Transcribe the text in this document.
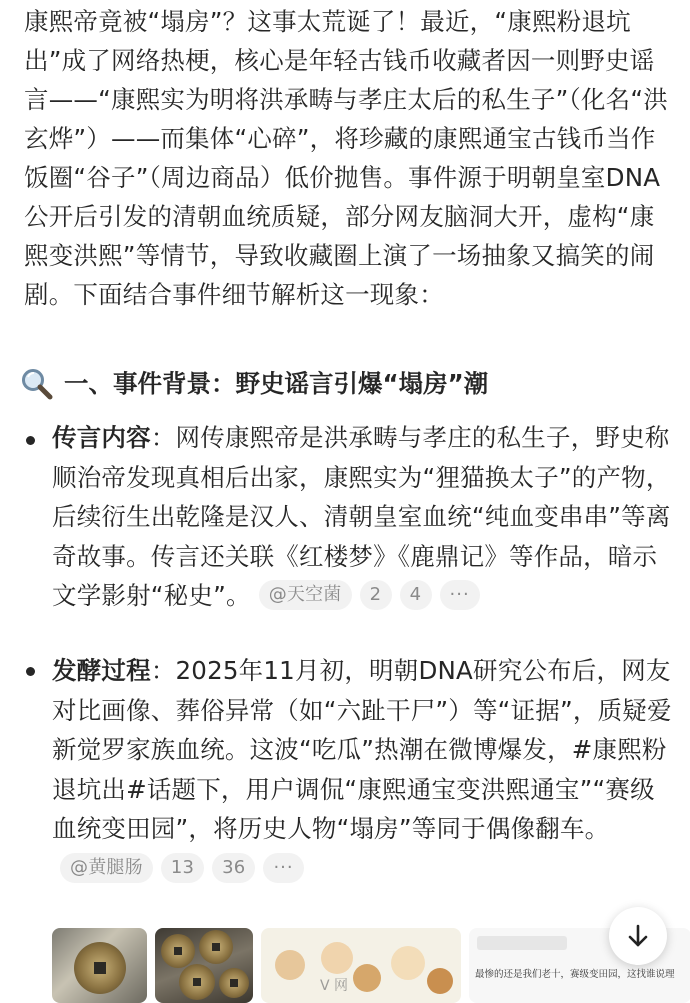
康熙帝竟被“塌房”？这事太荒诞了！最近，“康熙粉退坑出”成了网络热梗，核心是年轻古钱币收藏者因一则野史谣言——“康熙实为明将洪承畴与孝庄太后的私生子”（化名“洪玄烨”）——而集体“心碎”，将珍藏的康熙通宝古钱币当作饭圈“谷子”（周边商品）低价抛售。事件源于明朝皇室DNA公开后引发的清朝血统质疑，部分网友脑洞大开，虚构“康熙变洪熙”等情节，导致收藏圈上演了一场抽象又搞笑的闹剧。下面结合事件细节解析这一现象：
一、事件背景：野史谣言引爆“塌房”潮
传言内容：网传康熙帝是洪承畴与孝庄的私生子，野史称顺治帝发现真相后出家，康熙实为“狸猫换太子”的产物，后续衍生出乾隆是汉人、清朝皇室血统“纯血变串串”等离奇故事。传言还关联《红楼梦》《鹿鼎记》等作品，暗示文学影射“秘史”。	@天空菌	2	4	···
发酵过程：2025年11月初，明朝DNA研究公布后，网友对比画像、葬俗异常（如“六趾干尸”）等“证据”，质疑爱新觉罗家族血统。这波“吃瓜”热潮在微博爆发，#康熙粉退坑出#话题下，用户调侃“康熙通宝变洪熙通宝”“赛级血统变田园”，将历史人物“塌房”等同于偶像翻车。
@黄腿肠	13	36	···
最惨的还是我们老十，赛级变田园，这找谁说理
V 网
